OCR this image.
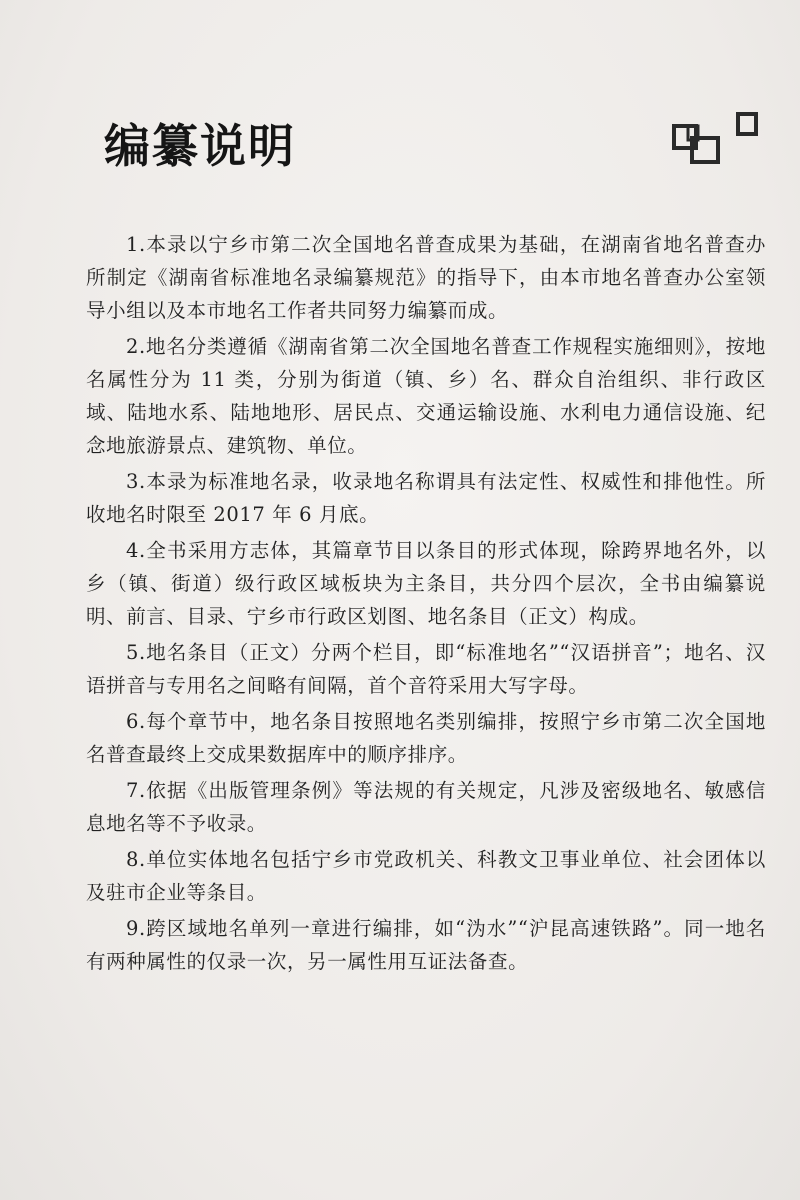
编纂说明

1.本录以宁乡市第二次全国地名普查成果为基础，在湖南省地名普查办所制定《湖南省标准地名录编纂规范》的指导下，由本市地名普查办公室领导小组以及本市地名工作者共同努力编纂而成。

2.地名分类遵循《湖南省第二次全国地名普查工作规程实施细则》，按地名属性分为 11 类，分别为街道（镇、乡）名、群众自治组织、非行政区域、陆地水系、陆地地形、居民点、交通运输设施、水利电力通信设施、纪念地旅游景点、建筑物、单位。

3.本录为标准地名录，收录地名称谓具有法定性、权威性和排他性。所收地名时限至 2017 年 6 月底。

4.全书采用方志体，其篇章节目以条目的形式体现，除跨界地名外，以乡（镇、街道）级行政区域板块为主条目，共分四个层次，全书由编纂说明、前言、目录、宁乡市行政区划图、地名条目（正文）构成。

5.地名条目（正文）分两个栏目，即“标准地名”“汉语拼音”；地名、汉语拼音与专用名之间略有间隔，首个音符采用大写字母。

6.每个章节中，地名条目按照地名类别编排，按照宁乡市第二次全国地名普查最终上交成果数据库中的顺序排序。

7.依据《出版管理条例》等法规的有关规定，凡涉及密级地名、敏感信息地名等不予收录。

8.单位实体地名包括宁乡市党政机关、科教文卫事业单位、社会团体以及驻市企业等条目。

9.跨区域地名单列一章进行编排，如“沩水”“沪昆高速铁路”。同一地名有两种属性的仅录一次，另一属性用互证法备查。
